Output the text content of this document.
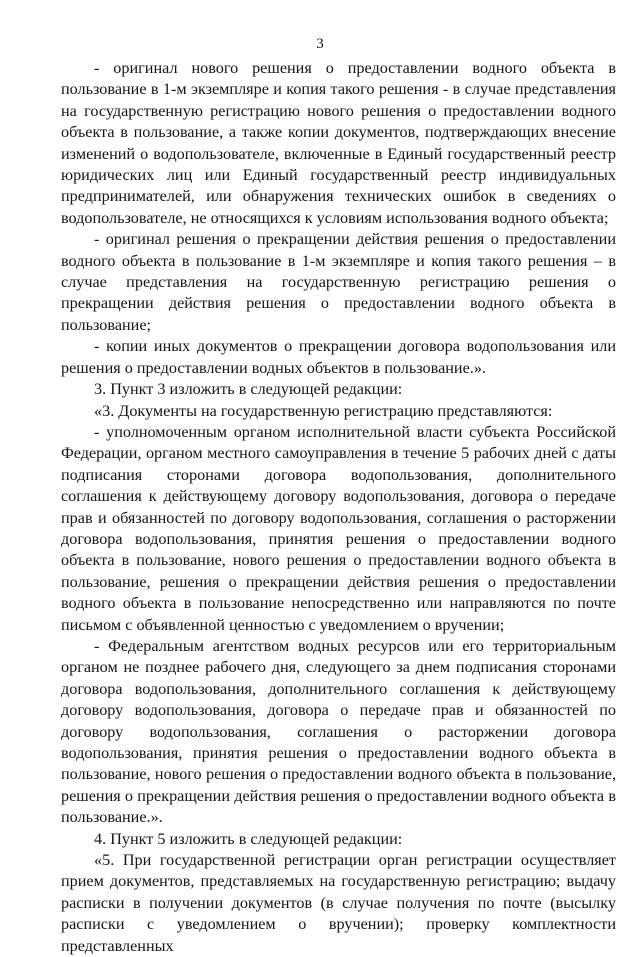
3

- оригинал нового решения о предоставлении водного объекта в пользование в 1-м экземпляре и копия такого решения - в случае представления на государственную регистрацию нового решения о предоставлении водного объекта в пользование, а также копии документов, подтверждающих внесение изменений о водопользователе, включенные в Единый государственный реестр юридических лиц или Единый государственный реестр индивидуальных предпринимателей, или обнаружения технических ошибок в сведениях о водопользователе, не относящихся к условиям использования водного объекта;

- оригинал решения о прекращении действия решения о предоставлении водного объекта в пользование в 1-м экземпляре и копия такого решения – в случае представления на государственную регистрацию решения о прекращении действия решения о предоставлении водного объекта в пользование;

- копии иных документов о прекращении договора водопользования или решения о предоставлении водных объектов в пользование.».

3. Пункт 3 изложить в следующей редакции:

«3. Документы на государственную регистрацию представляются:

- уполномоченным органом исполнительной власти субъекта Российской Федерации, органом местного самоуправления в течение 5 рабочих дней с даты подписания сторонами договора водопользования, дополнительного соглашения к действующему договору водопользования, договора о передаче прав и обязанностей по договору водопользования, соглашения о расторжении договора водопользования, принятия решения о предоставлении водного объекта в пользование, нового решения о предоставлении водного объекта в пользование, решения о прекращении действия решения о предоставлении водного объекта в пользование непосредственно или направляются по почте письмом с объявленной ценностью с уведомлением о вручении;

- Федеральным агентством водных ресурсов или его территориальным органом не позднее рабочего дня, следующего за днем подписания сторонами договора водопользования, дополнительного соглашения к действующему договору водопользования, договора о передаче прав и обязанностей по договору водопользования, соглашения о расторжении договора водопользования, принятия решения о предоставлении водного объекта в пользование, нового решения о предоставлении водного объекта в пользование, решения о прекращении действия решения о предоставлении водного объекта в пользование.».

4. Пункт 5 изложить в следующей редакции:

«5. При государственной регистрации орган регистрации осуществляет прием документов, представляемых на государственную регистрацию; выдачу расписки в получении документов (в случае получения по почте (высылку расписки с уведомлением о вручении); проверку комплектности представленных
